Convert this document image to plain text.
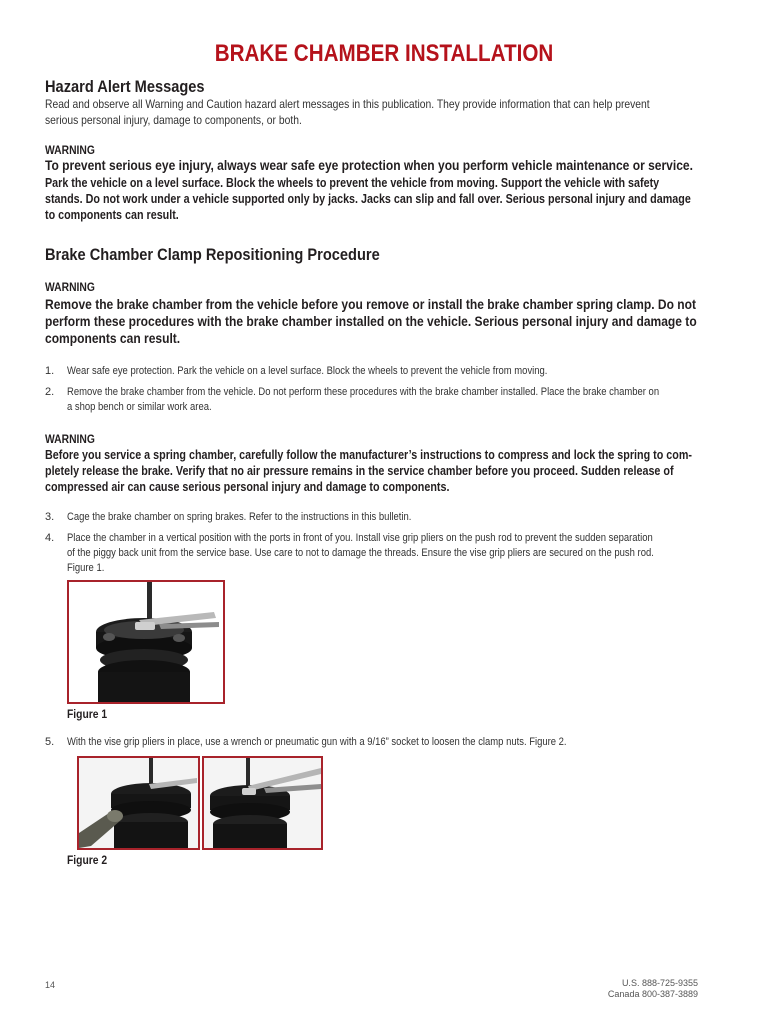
BRAKE CHAMBER INSTALLATION
Hazard Alert Messages
Read and observe all Warning and Caution hazard alert messages in this publication. They provide information that can help prevent
serious personal injury, damage to components, or both.
WARNING
To prevent serious eye injury, always wear safe eye protection when you perform vehicle maintenance or service.
Park the vehicle on a level surface. Block the wheels to prevent the vehicle from moving. Support the vehicle with safety
stands. Do not work under a vehicle supported only by jacks. Jacks can slip and fall over. Serious personal injury and damage
to components can result.
Brake Chamber Clamp Repositioning Procedure
WARNING
Remove the brake chamber from the vehicle before you remove or install the brake chamber spring clamp. Do not
perform these procedures with the brake chamber installed on the vehicle. Serious personal injury and damage to
components can result.
1. Wear safe eye protection. Park the vehicle on a level surface. Block the wheels to prevent the vehicle from moving.
2. Remove the brake chamber from the vehicle. Do not perform these procedures with the brake chamber installed. Place the brake chamber on
a shop bench or similar work area.
WARNING
Before you service a spring chamber, carefully follow the manufacturer’s instructions to compress and lock the spring to com-
pletely release the brake. Verify that no air pressure remains in the service chamber before you proceed. Sudden release of
compressed air can cause serious personal injury and damage to components.
3. Cage the brake chamber on spring brakes. Refer to the instructions in this bulletin.
4. Place the chamber in a vertical position with the ports in front of you. Install vise grip pliers on the push rod to prevent the sudden separation
of the piggy back unit from the service base. Use care to not to damage the threads. Ensure the vise grip pliers are secured on the push rod.
Figure 1.
Figure 1
5. With the vise grip pliers in place, use a wrench or pneumatic gun with a 9/16” socket to loosen the clamp nuts. Figure 2.
Figure 2
14	U.S. 888-725-9355
Canada 800-387-3889
